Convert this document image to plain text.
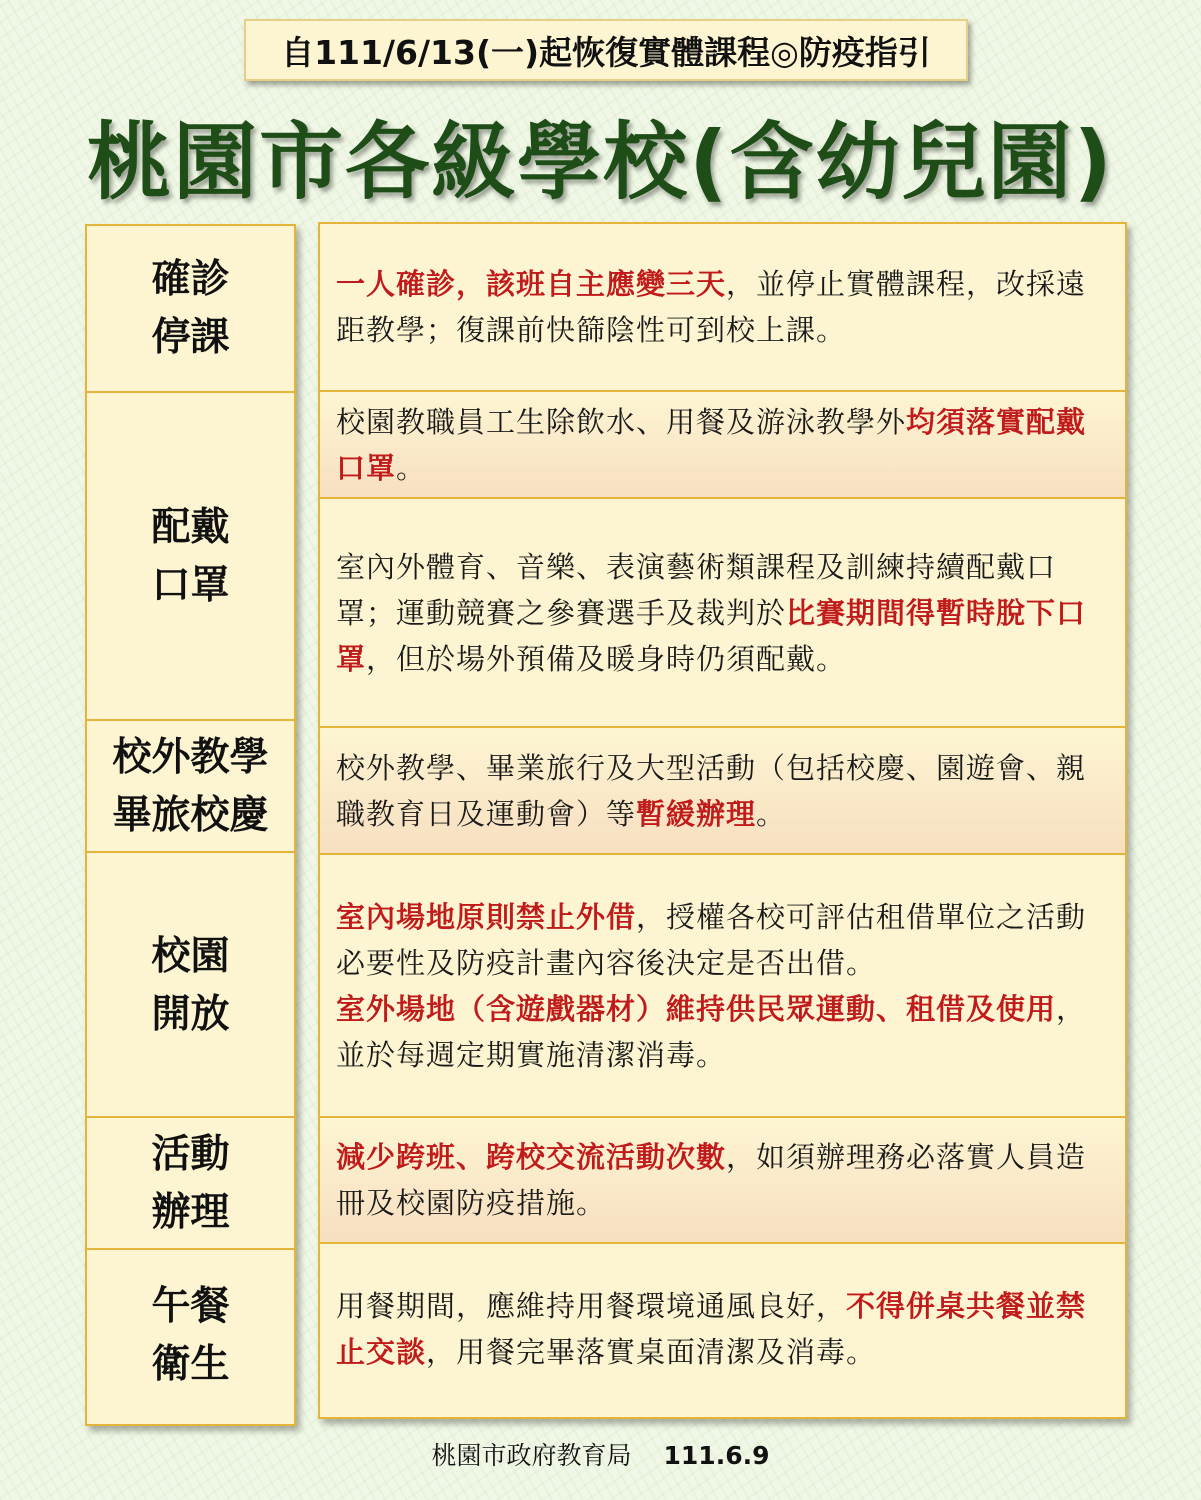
自111/6/13(一)起恢復實體課程◎防疫指引
桃園市各級學校(含幼兒園)
確診
停課
配戴
口罩
校外教學
畢旅校慶
校園
開放
活動
辦理
午餐
衛生

一人確診，該班自主應變三天，並停止實體課程，改採遠距教學；復課前快篩陰性可到校上課。

校園教職員工生除飲水、用餐及游泳教學外均須落實配戴口罩。

室內外體育、音樂、表演藝術類課程及訓練持續配戴口罩；運動競賽之參賽選手及裁判於比賽期間得暫時脫下口罩，但於場外預備及暖身時仍須配戴。

校外教學、畢業旅行及大型活動（包括校慶、園遊會、親職教育日及運動會）等暫緩辦理。

室內場地原則禁止外借，授權各校可評估租借單位之活動必要性及防疫計畫內容後決定是否出借。
室外場地（含遊戲器材）維持供民眾運動、租借及使用，並於每週定期實施清潔消毒。

減少跨班、跨校交流活動次數，如須辦理務必落實人員造冊及校園防疫措施。

用餐期間，應維持用餐環境通風良好，不得併桌共餐並禁止交談，用餐完畢落實桌面清潔及消毒。

桃園市政府教育局 111.6.9
